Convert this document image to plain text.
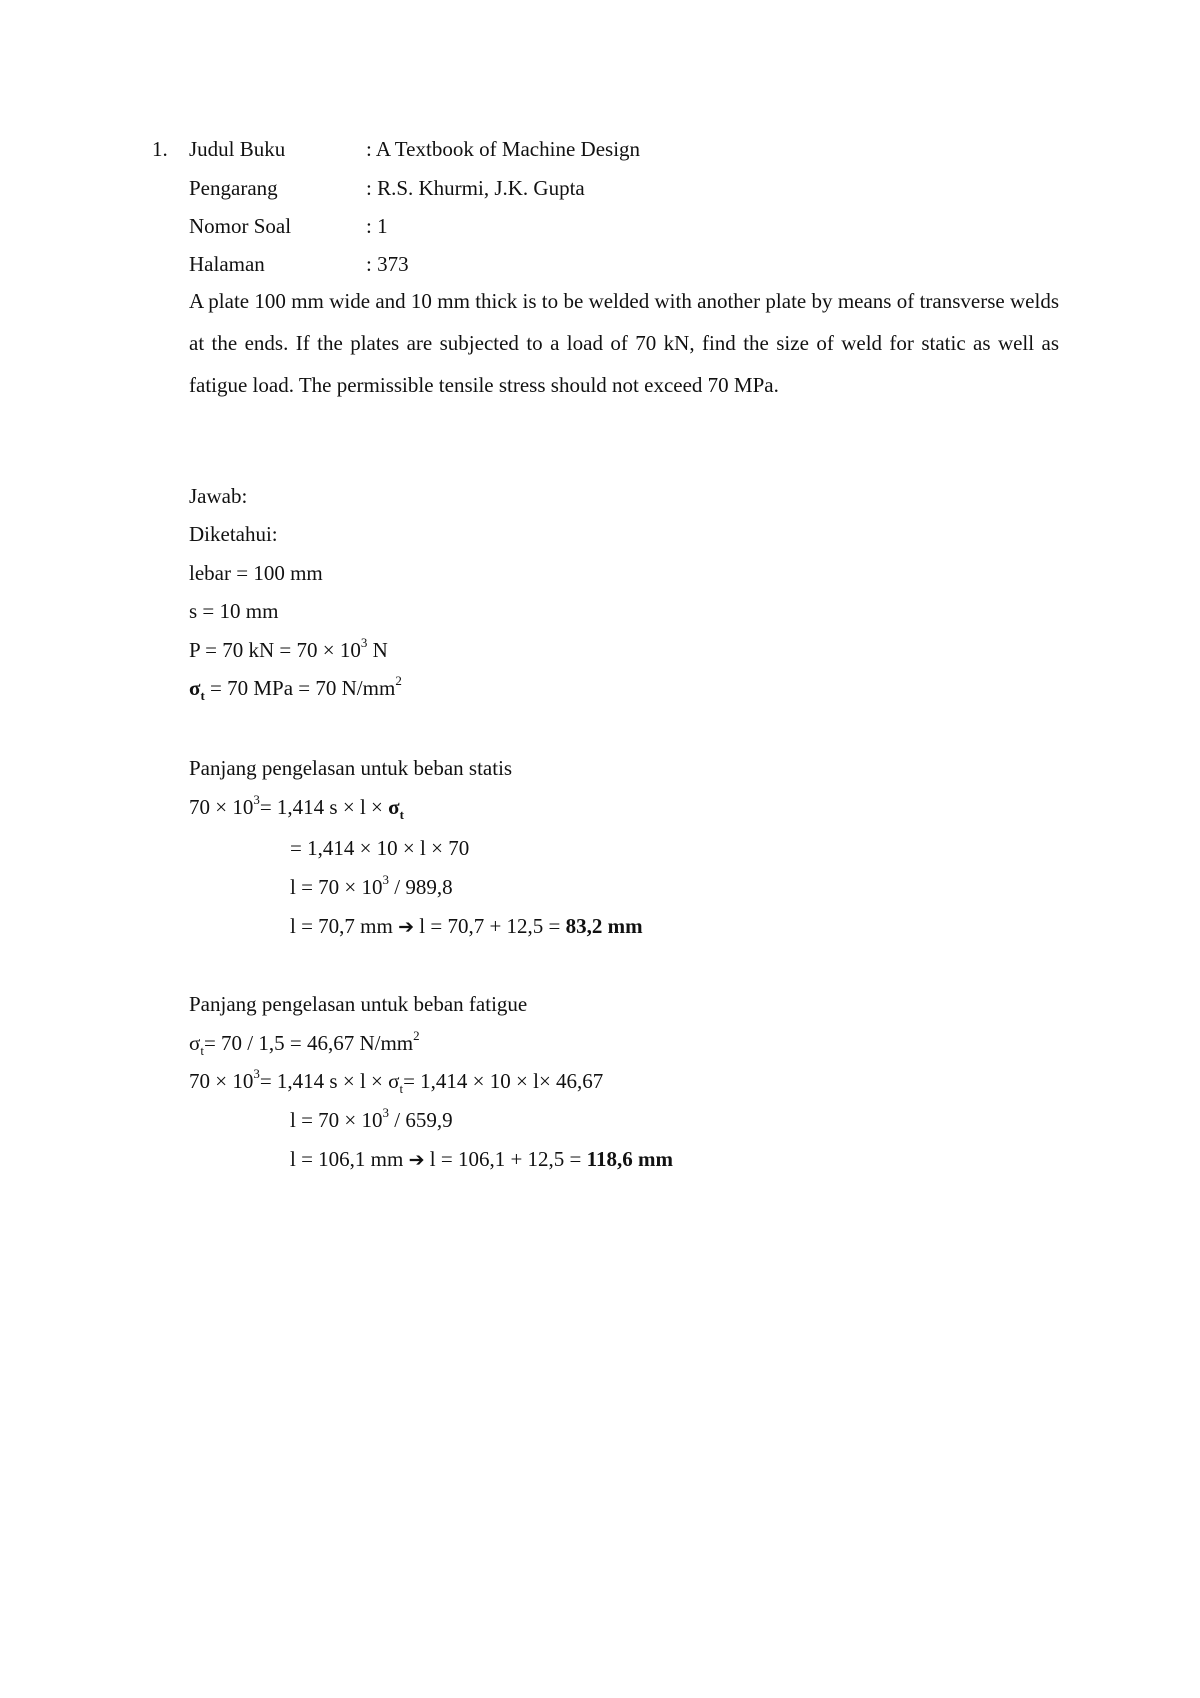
1. Judul Buku	: A Textbook of Machine Design
Pengarang	: R.S. Khurmi, J.K. Gupta
Nomor Soal	: 1
Halaman	: 373
A plate 100 mm wide and 10 mm thick is to be welded with another plate by means of transverse welds at the ends. If the plates are subjected to a load of 70 kN, find the size of weld for static as well as fatigue load. The permissible tensile stress should not exceed 70 MPa.
Jawab:
Diketahui:
lebar = 100 mm
s = 10 mm
P = 70 kN = $70 \times 10^3$ N
$\sigma_t = 70$ MPa = 70 $N/mm^2$
Panjang pengelasan untuk beban statis
$70 \times 10^3= 1,414$ $s \times l \times \sigma_t$
= 1,414 × 10 × l × 70
$l = 70 \times 10^3 / 989,8$
l = 70,7 mm ➔ l = 70,7 + 12,5 = 83,2 mm
Panjang pengelasan untuk beban fatigue
$\sigma_t= 70 / 1,5 = 46,67$ $N/mm^2$
$70 \times 10^3= 1,414$ $s \times l \times \sigma_t= 1,414 \times 10 \times l\times 46,67$
$l = 70 \times 10^3 / 659,9$
l = 106,1 mm ➔ l = 106,1 + 12,5 = 118,6 mm
